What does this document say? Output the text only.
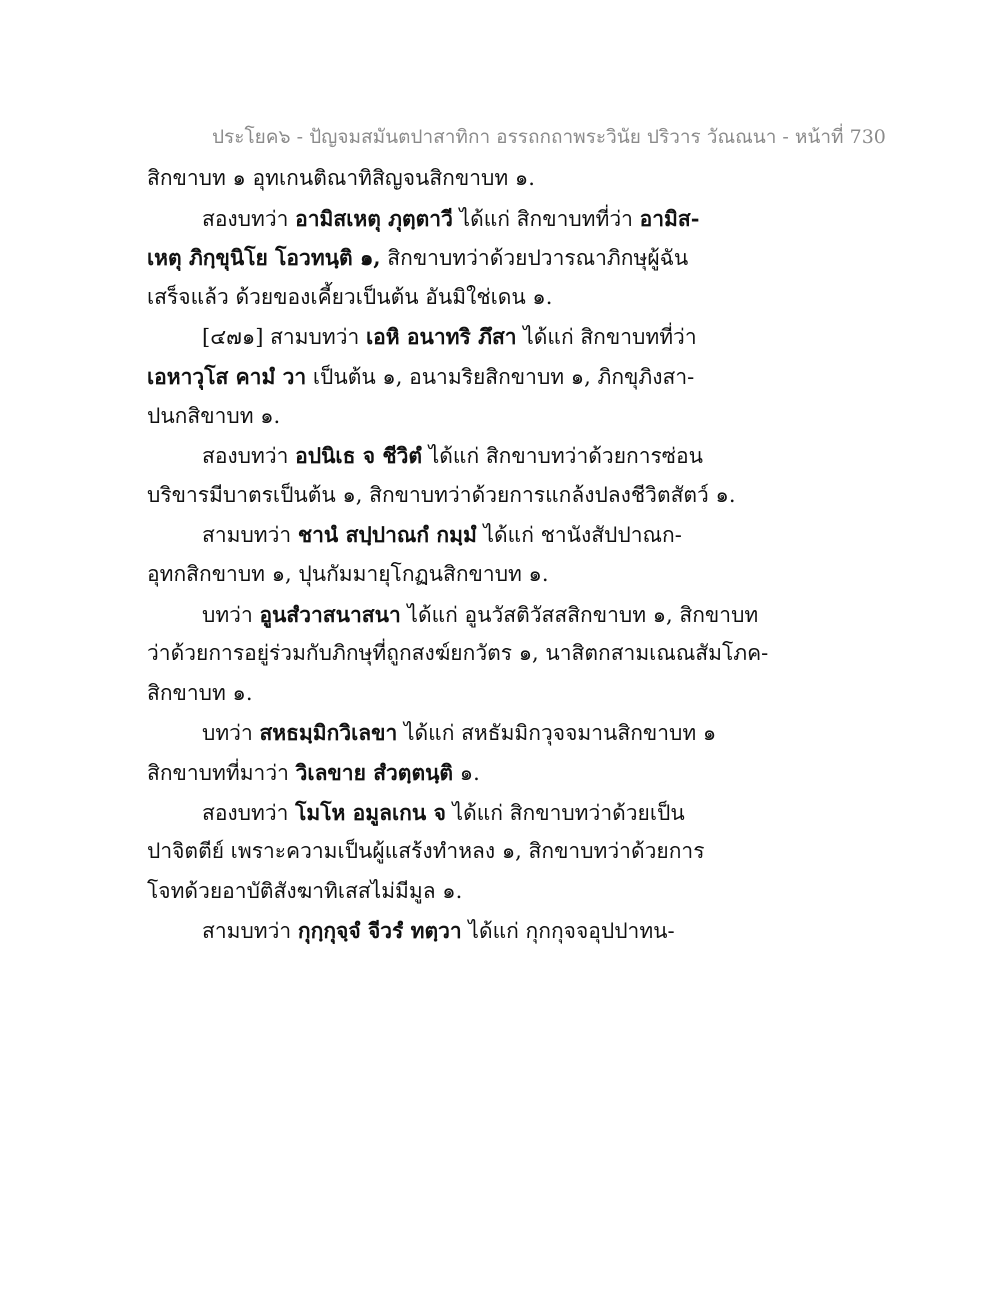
ประโยค๖ - ปัญจมสมันตปาสาทิกา อรรถกถาพระวินัย ปริวาร วัณณนา - หน้าที่ 730
สิกขาบท ๑ อุทเกนติณาทิสิญจนสิกขาบท ๑.
สองบทว่า อามิสเหตุ ภุตฺตาวี ได้แก่ สิกขาบทที่ว่า อามิส-
เหตุ ภิกฺขุนิโย โอวทนฺติ ๑, สิกขาบทว่าด้วยปวารณาภิกษุผู้ฉัน
เสร็จแล้ว ด้วยของเคี้ยวเป็นต้น อันมิใช่เดน ๑.
[๔๗๑] สามบทว่า เอหิ อนาทริ ภึสา ได้แก่ สิกขาบทที่ว่า
เอหาวุโส คามํ วา เป็นต้น ๑, อนามริยสิกขาบท ๑, ภิกขุภิงสา-
ปนกสิขาบท ๑.
สองบทว่า อปนิเธ จ ชีวิตํ ได้แก่ สิกขาบทว่าด้วยการซ่อน
บริขารมีบาตรเป็นต้น ๑, สิกขาบทว่าด้วยการแกล้งปลงชีวิตสัตว์ ๑.
สามบทว่า ชานํ สปฺปาณกํ กมฺมํ ได้แก่ ชานังสัปปาณก-
อุทกสิกขาบท ๑, ปุนกัมมายุโกฏนสิกขาบท ๑.
บทว่า อูนสํวาสนาสนา ได้แก่ อูนวัสติวัสสสิกขาบท ๑, สิกขาบท
ว่าด้วยการอยู่ร่วมกับภิกษุที่ถูกสงฆ์ยกวัตร ๑, นาสิตกสามเณณสัมโภค-
สิกขาบท ๑.
บทว่า สหธมฺมิกวิเลขา ได้แก่ สหธัมมิกวุจจมานสิกขาบท ๑
สิกขาบทที่มาว่า วิเลขาย สํวตฺตนฺติ ๑.
สองบทว่า โมโห อมูลเกน จ ได้แก่ สิกขาบทว่าด้วยเป็น
ปาจิตตีย์ เพราะความเป็นผู้แสร้งทำหลง ๑, สิกขาบทว่าด้วยการ
โจทด้วยอาบัติสังฆาทิเสสไม่มีมูล ๑.
สามบทว่า กุกฺกุจฺจํ จีวรํ ทตฺวา ได้แก่ กุกกุจจอุปปาทน-
